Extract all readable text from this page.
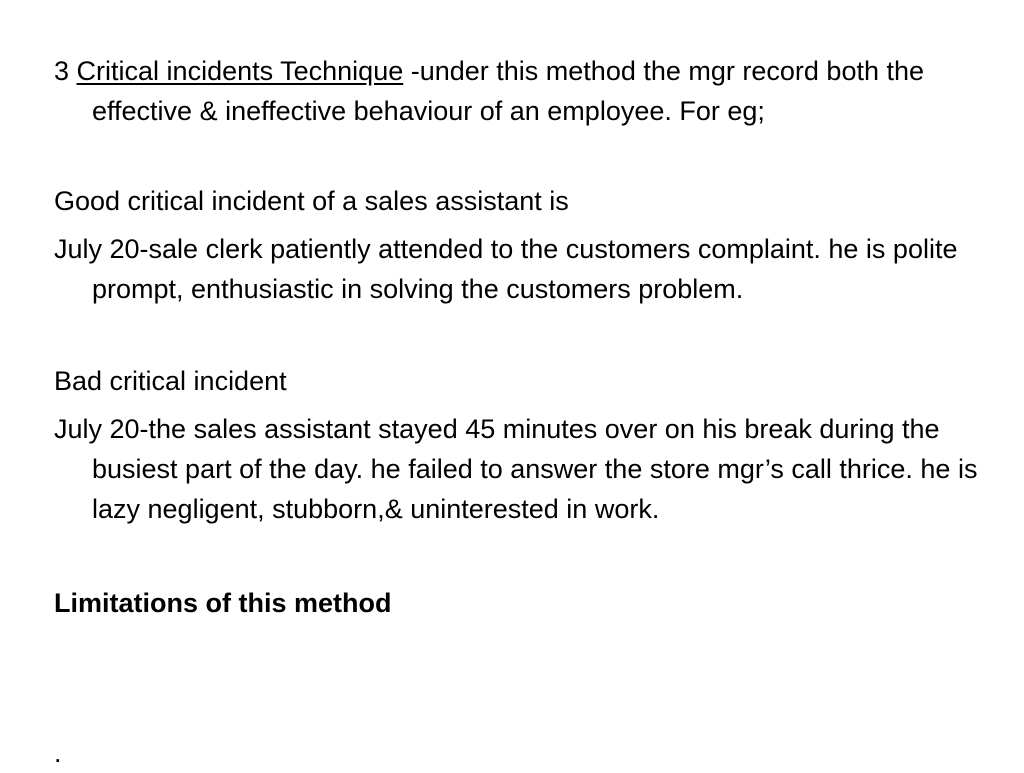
3 Critical incidents Technique -under this method the mgr record both the effective & ineffective behaviour of an employee. For eg;

Good critical incident of a sales assistant is

July 20-sale clerk patiently attended to the customers complaint. he is polite prompt, enthusiastic in solving the customers problem.

Bad critical incident

July 20-the sales assistant stayed 45 minutes over on his break during the busiest part of the day. he failed to answer the store mgr’s call thrice. he is lazy negligent, stubborn,& uninterested in work.

Limitations of this method

.
